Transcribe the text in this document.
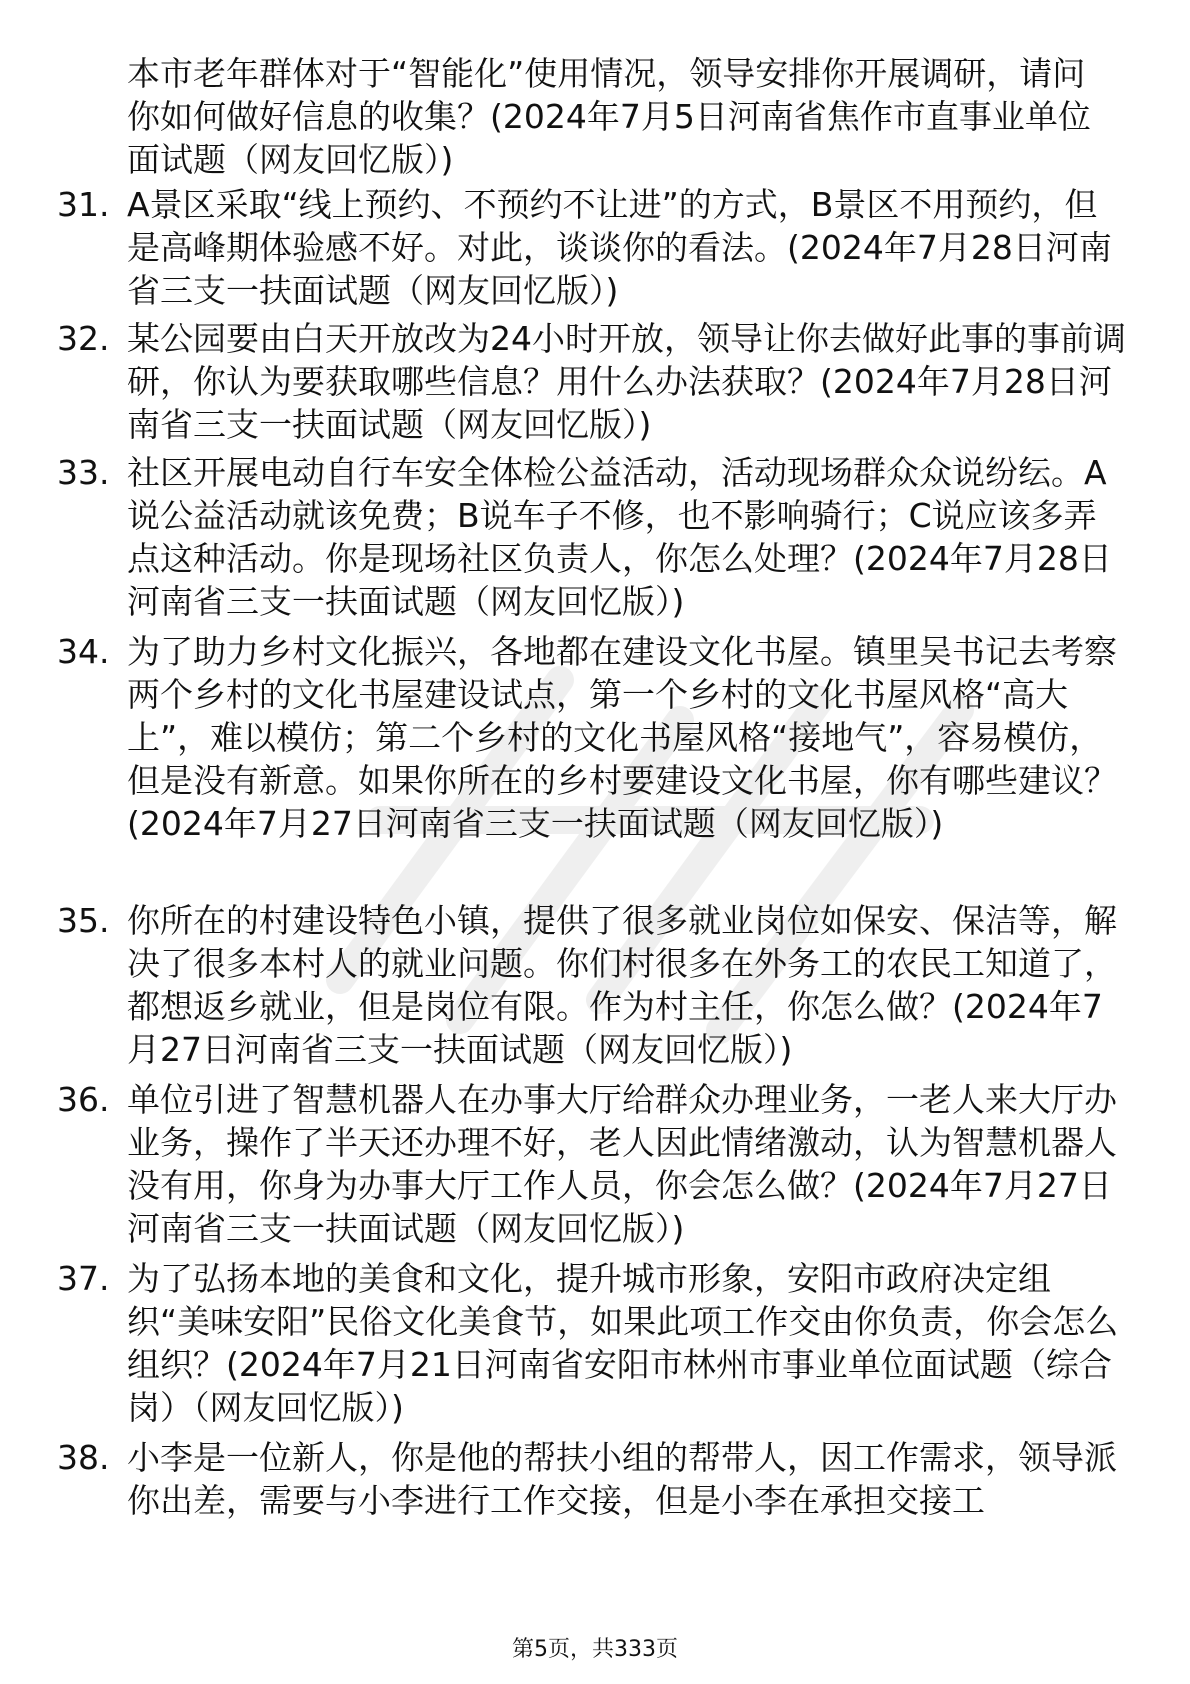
本市老年群体对于“智能化”使用情况，领导安排你开展调研，请问你如何做好信息的收集？(2024年7月5日河南省焦作市直事业单位面试题（网友回忆版）)
31. A景区采取“线上预约、不预约不让进”的方式，B景区不用预约，但是高峰期体验感不好。对此，谈谈你的看法。(2024年7月28日河南省三支一扶面试题（网友回忆版）)
32. 某公园要由白天开放改为24小时开放，领导让你去做好此事的事前调研，你认为要获取哪些信息？用什么办法获取？(2024年7月28日河南省三支一扶面试题（网友回忆版）)
33. 社区开展电动自行车安全体检公益活动，活动现场群众众说纷纭。A说公益活动就该免费；B说车子不修，也不影响骑行；C说应该多弄点这种活动。你是现场社区负责人，你怎么处理？(2024年7月28日河南省三支一扶面试题（网友回忆版）)
34. 为了助力乡村文化振兴，各地都在建设文化书屋。镇里吴书记去考察两个乡村的文化书屋建设试点，第一个乡村的文化书屋风格“高大上”，难以模仿；第二个乡村的文化书屋风格“接地气”，容易模仿，但是没有新意。如果你所在的乡村要建设文化书屋，你有哪些建议？(2024年7月27日河南省三支一扶面试题（网友回忆版）)
35. 你所在的村建设特色小镇，提供了很多就业岗位如保安、保洁等，解决了很多本村人的就业问题。你们村很多在外务工的农民工知道了，都想返乡就业，但是岗位有限。作为村主任，你怎么做？(2024年7月27日河南省三支一扶面试题（网友回忆版）)
36. 单位引进了智慧机器人在办事大厅给群众办理业务，一老人来大厅办业务，操作了半天还办理不好，老人因此情绪激动，认为智慧机器人没有用，你身为办事大厅工作人员，你会怎么做？(2024年7月27日河南省三支一扶面试题（网友回忆版）)
37. 为了弘扬本地的美食和文化，提升城市形象，安阳市政府决定组织“美味安阳”民俗文化美食节，如果此项工作交由你负责，你会怎么组织？(2024年7月21日河南省安阳市林州市事业单位面试题（综合岗）（网友回忆版）)
38. 小李是一位新人，你是他的帮扶小组的帮带人，因工作需求，领导派你出差，需要与小李进行工作交接，但是小李在承担交接工
第5页，共333页
